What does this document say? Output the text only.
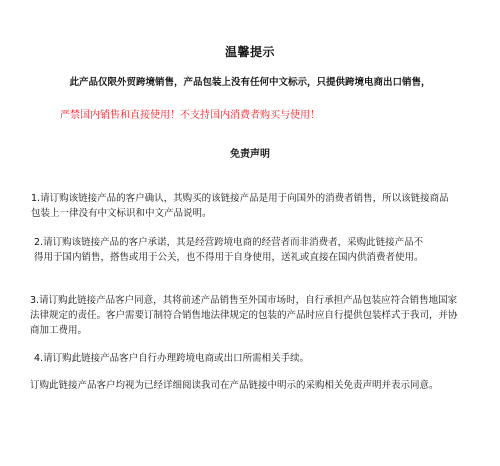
温馨提示
此产品仅限外贸跨境销售，产品包装上没有任何中文标示，只提供跨境电商出口销售，
严禁国内销售和直接使用！不支持国内消费者购买与使用！
免责声明
1.请订购该链接产品的客户确认，其购买的该链接产品是用于向国外的消费者销售，所以该链接商品
包装上一律没有中文标识和中文产品说明。
2.请订购该链接产品的客户承诺，其是经营跨境电商的经营者而非消费者，采购此链接产品不
得用于国内销售，搭售或用于公关，也不得用于自身使用，送礼或直接在国内供消费者使用。
3.请订购此链接产品客户同意，其将前述产品销售至外国市场时，自行承担产品包装应符合销售地国家
法律规定的责任。客户需要订制符合销售地法律规定的包装的产品时应自行提供包装样式于我司，并协
商加工费用。
4.请订购此链接产品客户自行办理跨境电商或出口所需相关手续。
订购此链接产品客户均视为已经详细阅读我司在产品链接中明示的采购相关免责声明并表示同意。
